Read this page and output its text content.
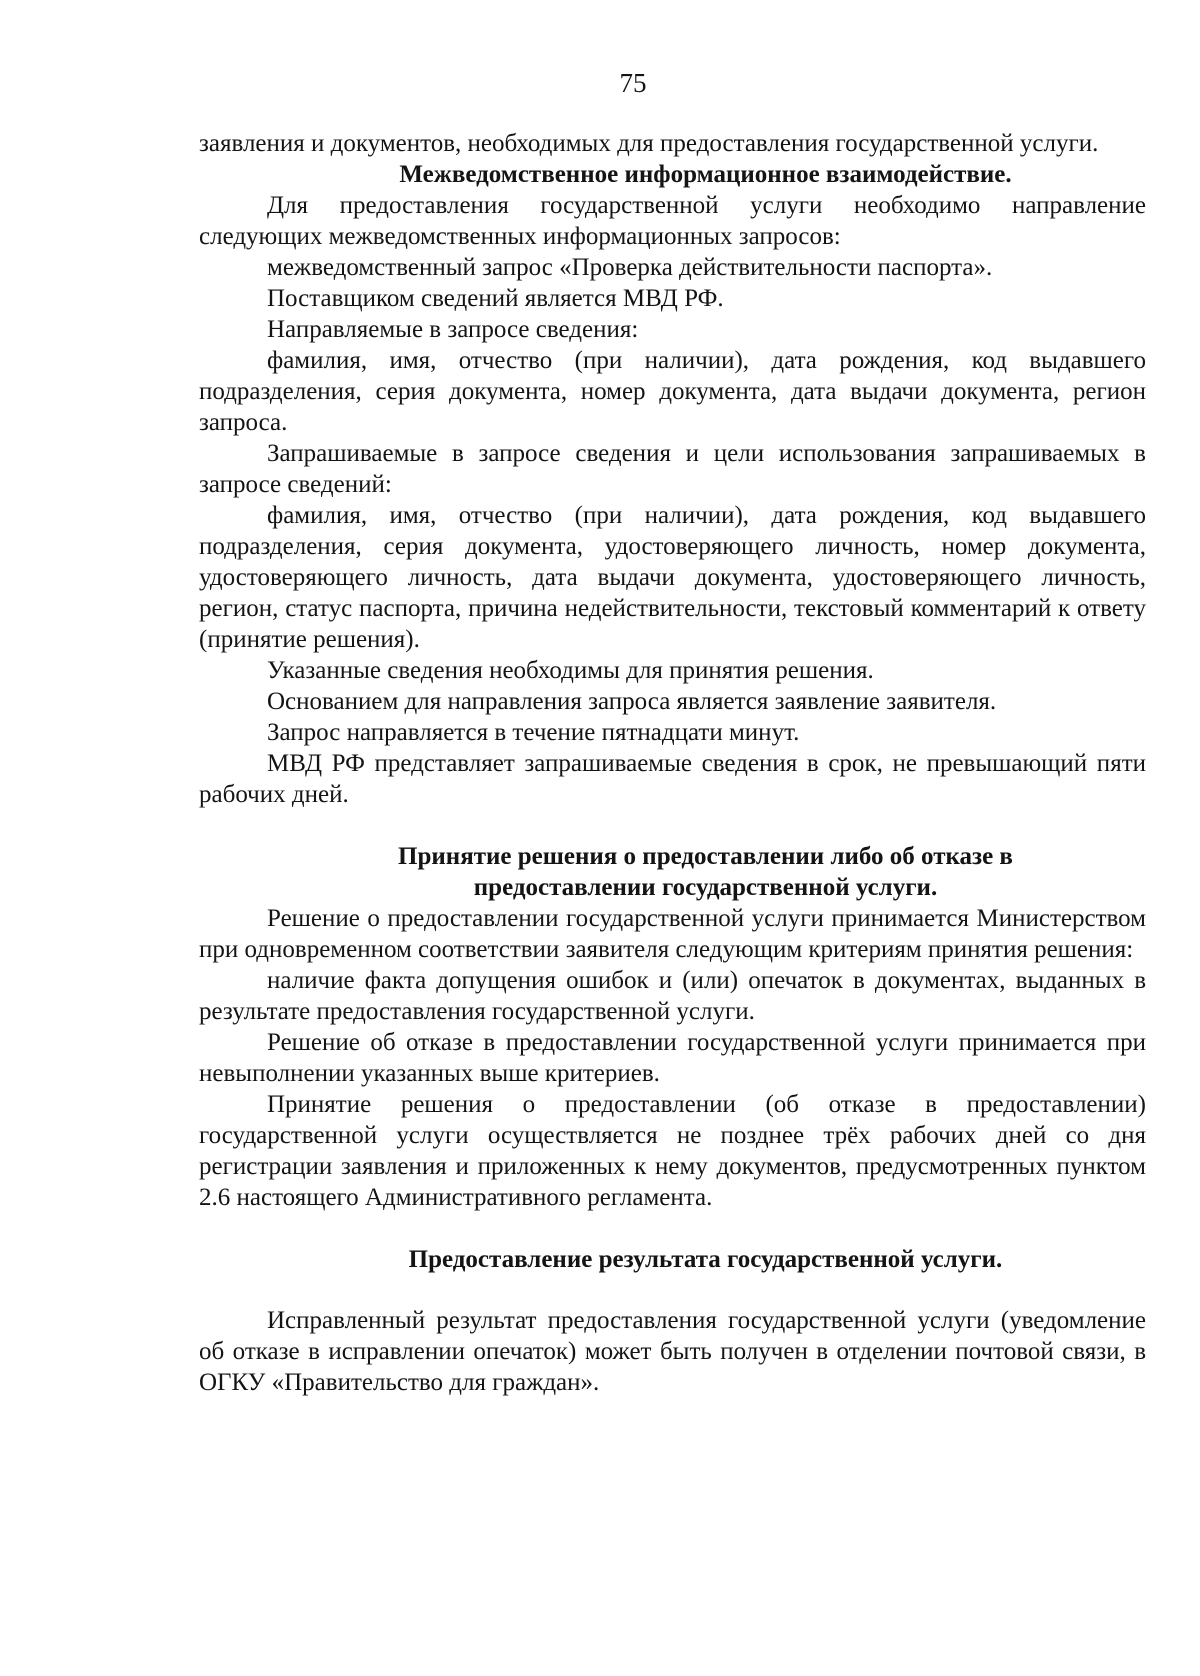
75

заявления и документов, необходимых для предоставления государственной услуги.

Межведомственное информационное взаимодействие.

Для предоставления государственной услуги необходимо направление следующих межведомственных информационных запросов:

межведомственный запрос «Проверка действительности паспорта».

Поставщиком сведений является МВД РФ.

Направляемые в запросе сведения:

фамилия, имя, отчество (при наличии), дата рождения, код выдавшего подразделения, серия документа, номер документа, дата выдачи документа, регион запроса.

Запрашиваемые в запросе сведения и цели использования запрашиваемых в запросе сведений:

фамилия, имя, отчество (при наличии), дата рождения, код выдавшего подразделения, серия документа, удостоверяющего личность, номер документа, удостоверяющего личность, дата выдачи документа, удостоверяющего личность, регион, статус паспорта, причина недействительности, текстовый комментарий к ответу (принятие решения).

Указанные сведения необходимы для принятия решения.

Основанием для направления запроса является заявление заявителя.

Запрос направляется в течение пятнадцати минут.

МВД РФ представляет запрашиваемые сведения в срок, не превышающий пяти рабочих дней.

Принятие решения о предоставлении либо об отказе в

предоставлении государственной услуги.

Решение о предоставлении государственной услуги принимается Министерством при одновременном соответствии заявителя следующим критериям принятия решения:

наличие факта допущения ошибок и (или) опечаток в документах, выданных в результате предоставления государственной услуги.

Решение об отказе в предоставлении государственной услуги принимается при невыполнении указанных выше критериев.

Принятие решения о предоставлении (об отказе в предоставлении) государственной услуги осуществляется не позднее трёх рабочих дней со дня регистрации заявления и приложенных к нему документов, предусмотренных пунктом 2.6 настоящего Административного регламента.

Предоставление результата государственной услуги.

Исправленный результат предоставления государственной услуги (уведомление об отказе в исправлении опечаток) может быть получен в отделении почтовой связи, в ОГКУ «Правительство для граждан».
